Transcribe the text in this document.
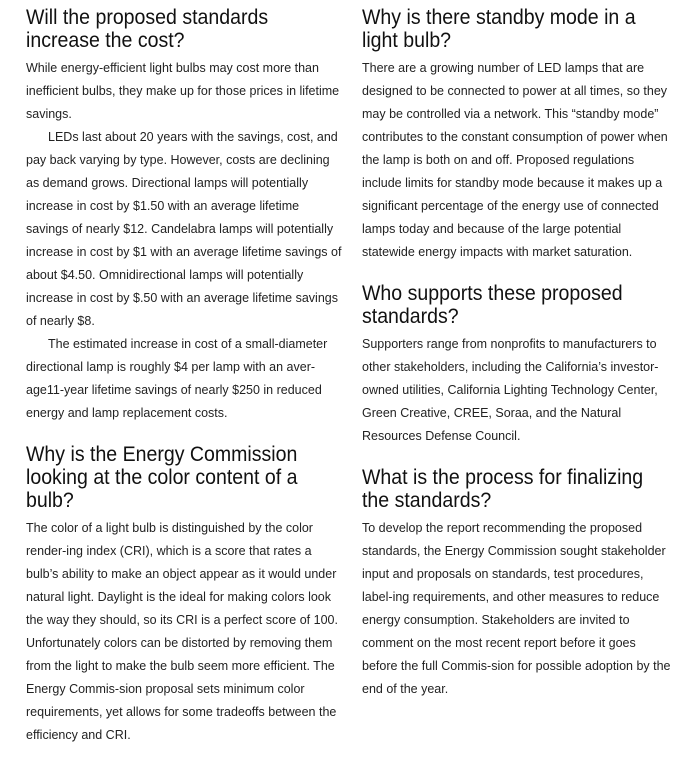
Will the proposed standards
increase the cost?

While energy-efficient light bulbs may cost more than inefficient bulbs, they make up for those prices in lifetime savings.

LEDs last about 20 years with the savings, cost, and pay back varying by type. However, costs are declining as demand grows. Directional lamps will potentially increase in cost by $1.50 with an average lifetime savings of nearly $12. Candelabra lamps will potentially increase in cost by $1 with an average lifetime savings of about $4.50. Omnidirectional lamps will potentially increase in cost by $.50 with an average lifetime savings of nearly $8.

The estimated increase in cost of a small-diameter directional lamp is roughly $4 per lamp with an aver-age11-year lifetime savings of nearly $250 in reduced energy and lamp replacement costs.

Why is the Energy Commission
looking at the color content of a
bulb?

The color of a light bulb is distinguished by the color render-ing index (CRI), which is a score that rates a bulb’s ability to make an object appear as it would under natural light. Daylight is the ideal for making colors look the way they should, so its CRI is a perfect score of 100. Unfortunately colors can be distorted by removing them from the light to make the bulb seem more efficient. The Energy Commis-sion proposal sets minimum color requirements, yet allows for some tradeoffs between the efficiency and CRI.

Why is there standby mode in a
light bulb?

There are a growing number of LED lamps that are designed to be connected to power at all times, so they may be controlled via a network. This “standby mode” contributes to the constant consumption of power when the lamp is both on and off. Proposed regulations include limits for standby mode because it makes up a significant percentage of the energy use of connected lamps today and because of the large potential statewide energy impacts with market saturation.

Who supports these proposed
standards?

Supporters range from nonprofits to manufacturers to other stakeholders, including the California’s investor-owned utilities, California Lighting Technology Center, Green Creative, CREE, Soraa, and the Natural Resources Defense Council.

What is the process for finalizing
the standards?

To develop the report recommending the proposed standards, the Energy Commission sought stakeholder input and proposals on standards, test procedures, label-ing requirements, and other measures to reduce energy consumption. Stakeholders are invited to comment on the most recent report before it goes before the full Commis-sion for possible adoption by the end of the year.
